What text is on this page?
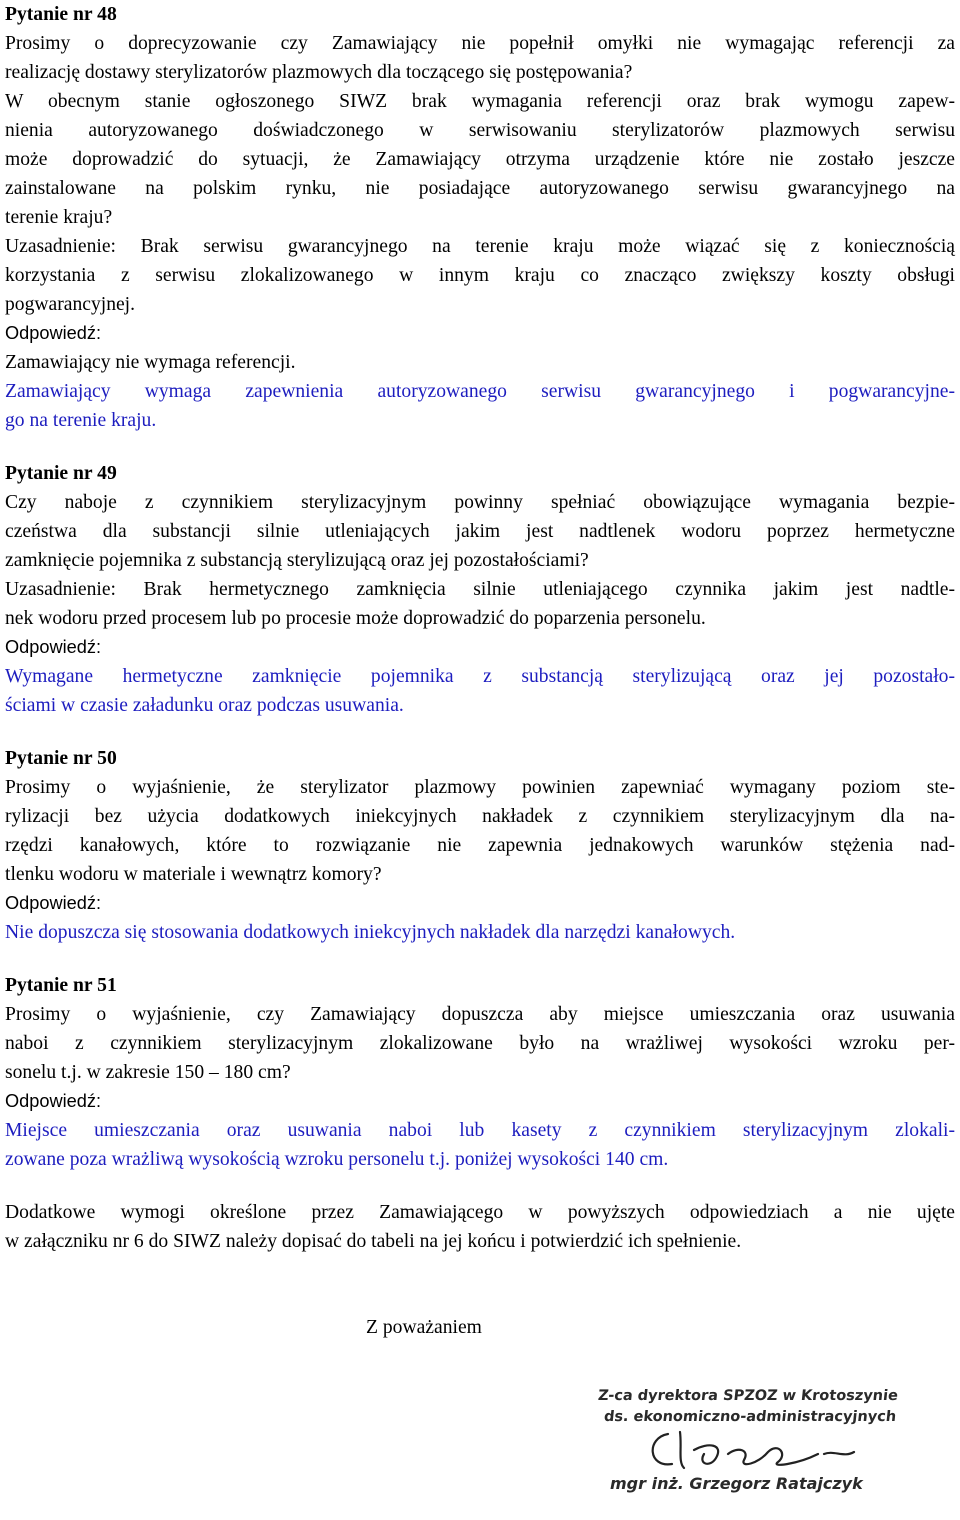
Pytanie nr 48
Prosimy o doprecyzowanie czy Zamawiający nie popełnił omyłki nie wymagając referencji za
realizację dostawy sterylizatorów plazmowych dla toczącego się postępowania?
W obecnym stanie ogłoszonego SIWZ brak wymagania referencji oraz brak wymogu zapew-
nienia autoryzowanego doświadczonego w serwisowaniu sterylizatorów plazmowych serwisu
może doprowadzić do sytuacji, że Zamawiający otrzyma urządzenie które nie zostało jeszcze
zainstalowane na polskim rynku, nie posiadające autoryzowanego serwisu gwarancyjnego na
terenie kraju?
Uzasadnienie: Brak serwisu gwarancyjnego na terenie kraju może wiązać się z koniecznością
korzystania z serwisu zlokalizowanego w innym kraju co znacząco zwiększy koszty obsługi
pogwarancyjnej.
Odpowiedź:
Zamawiający nie wymaga referencji.
Zamawiający wymaga zapewnienia autoryzowanego serwisu gwarancyjnego i pogwarancyjne-
go na terenie kraju.
Pytanie nr 49
Czy naboje z czynnikiem sterylizacyjnym powinny spełniać obowiązujące wymagania bezpie-
czeństwa dla substancji silnie utleniających jakim jest nadtlenek wodoru poprzez hermetyczne
zamknięcie pojemnika z substancją sterylizującą oraz jej pozostałościami?
Uzasadnienie: Brak hermetycznego zamknięcia silnie utleniającego czynnika jakim jest nadtle-
nek wodoru przed procesem lub po procesie może doprowadzić do poparzenia personelu.
Odpowiedź:
Wymagane hermetyczne zamknięcie pojemnika z substancją sterylizującą oraz jej pozostało-
ściami w czasie załadunku oraz podczas usuwania.
Pytanie nr 50
Prosimy o wyjaśnienie, że sterylizator plazmowy powinien zapewniać wymagany poziom ste-
rylizacji bez użycia dodatkowych iniekcyjnych nakładek z czynnikiem sterylizacyjnym dla na-
rzędzi kanałowych, które to rozwiązanie nie zapewnia jednakowych warunków stężenia nad-
tlenku wodoru w materiale i wewnątrz komory?
Odpowiedź:
Nie dopuszcza się stosowania dodatkowych iniekcyjnych nakładek dla narzędzi kanałowych.
Pytanie nr 51
Prosimy o wyjaśnienie, czy Zamawiający dopuszcza aby miejsce umieszczania oraz usuwania
naboi z czynnikiem sterylizacyjnym zlokalizowane było na wrażliwej wysokości wzroku per-
sonelu t.j. w zakresie 150 – 180 cm?
Odpowiedź:
Miejsce umieszczania oraz usuwania naboi lub kasety z czynnikiem sterylizacyjnym zlokali-
zowane poza wrażliwą wysokością wzroku personelu t.j. poniżej wysokości 140 cm.
Dodatkowe wymogi określone przez Zamawiającego w powyższych odpowiedziach a nie ujęte
w załączniku nr 6 do SIWZ należy dopisać do tabeli na jej końcu i potwierdzić ich spełnienie.
Z poważaniem
Z-ca dyrektora SPZOZ w Krotoszynie
ds. ekonomiczno-administracyjnych
mgr inż. Grzegorz Ratajczyk
